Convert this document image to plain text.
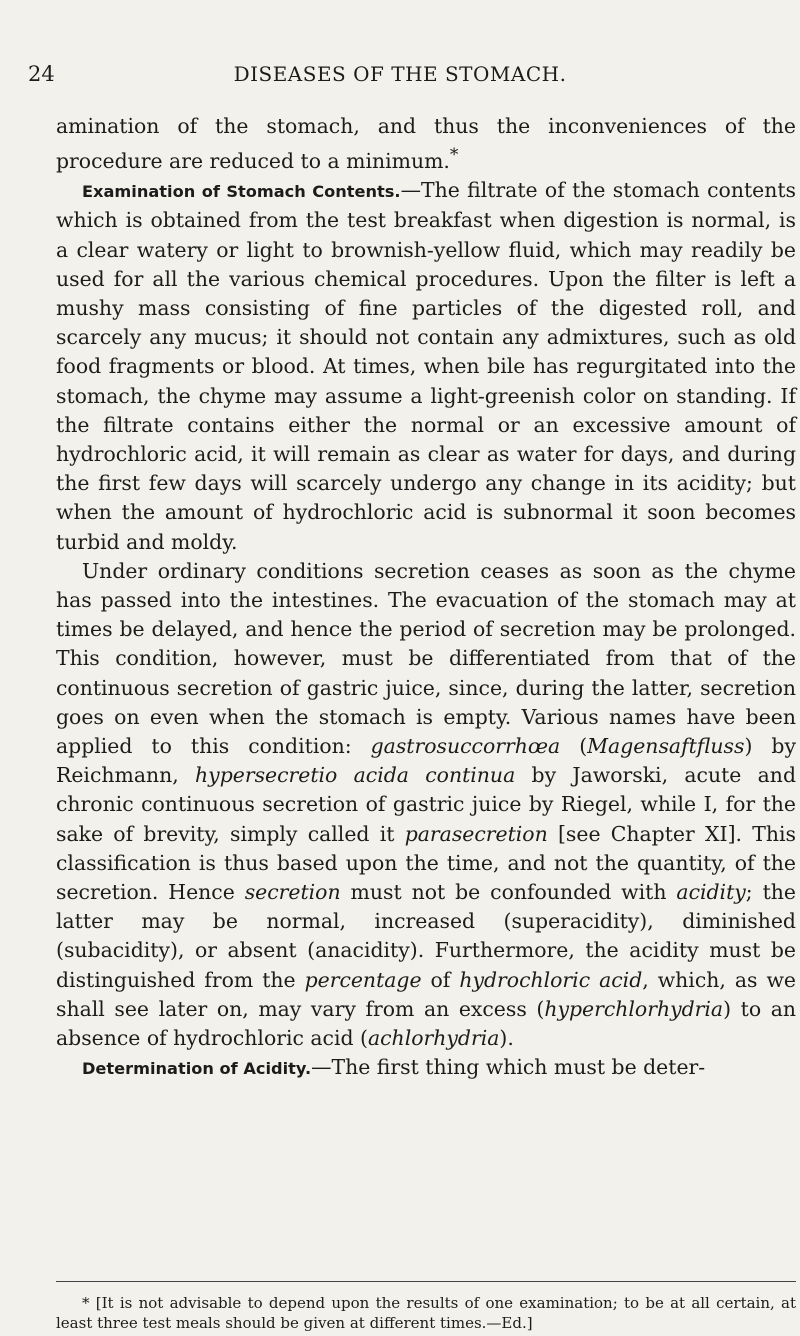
24	DISEASES OF THE STOMACH.

amination of the stomach, and thus the inconveniences of the procedure are reduced to a minimum.*

Examination of Stomach Contents.—The filtrate of the stomach contents which is obtained from the test breakfast when digestion is normal, is a clear watery or light to brownish-yellow fluid, which may readily be used for all the various chemical procedures. Upon the filter is left a mushy mass consisting of fine particles of the digested roll, and scarcely any mucus; it should not contain any admixtures, such as old food fragments or blood. At times, when bile has regurgitated into the stomach, the chyme may assume a light-greenish color on standing. If the filtrate contains either the normal or an excessive amount of hydrochloric acid, it will remain as clear as water for days, and during the first few days will scarcely undergo any change in its acidity; but when the amount of hydrochloric acid is subnormal it soon becomes turbid and moldy.

Under ordinary conditions secretion ceases as soon as the chyme has passed into the intestines. The evacuation of the stomach may at times be delayed, and hence the period of secretion may be prolonged. This condition, however, must be differentiated from that of the continuous secretion of gastric juice, since, during the latter, secretion goes on even when the stomach is empty. Various names have been applied to this condition: gastrosuccorrhœa (Magensaftfluss) by Reichmann, hypersecretio acida continua by Jaworski, acute and chronic continuous secretion of gastric juice by Riegel, while I, for the sake of brevity, simply called it parasecretion [see Chapter XI]. This classification is thus based upon the time, and not the quantity, of the secretion. Hence secretion must not be confounded with acidity; the latter may be normal, increased (superacidity), diminished (subacidity), or absent (anacidity). Furthermore, the acidity must be distinguished from the percentage of hydrochloric acid, which, as we shall see later on, may vary from an excess (hyperchlorhydria) to an absence of hydrochloric acid (achlorhydria).

Determination of Acidity.—The first thing which must be deter-

* [It is not advisable to depend upon the results of one examination; to be at all certain, at least three test meals should be given at different times.—Ed.]
